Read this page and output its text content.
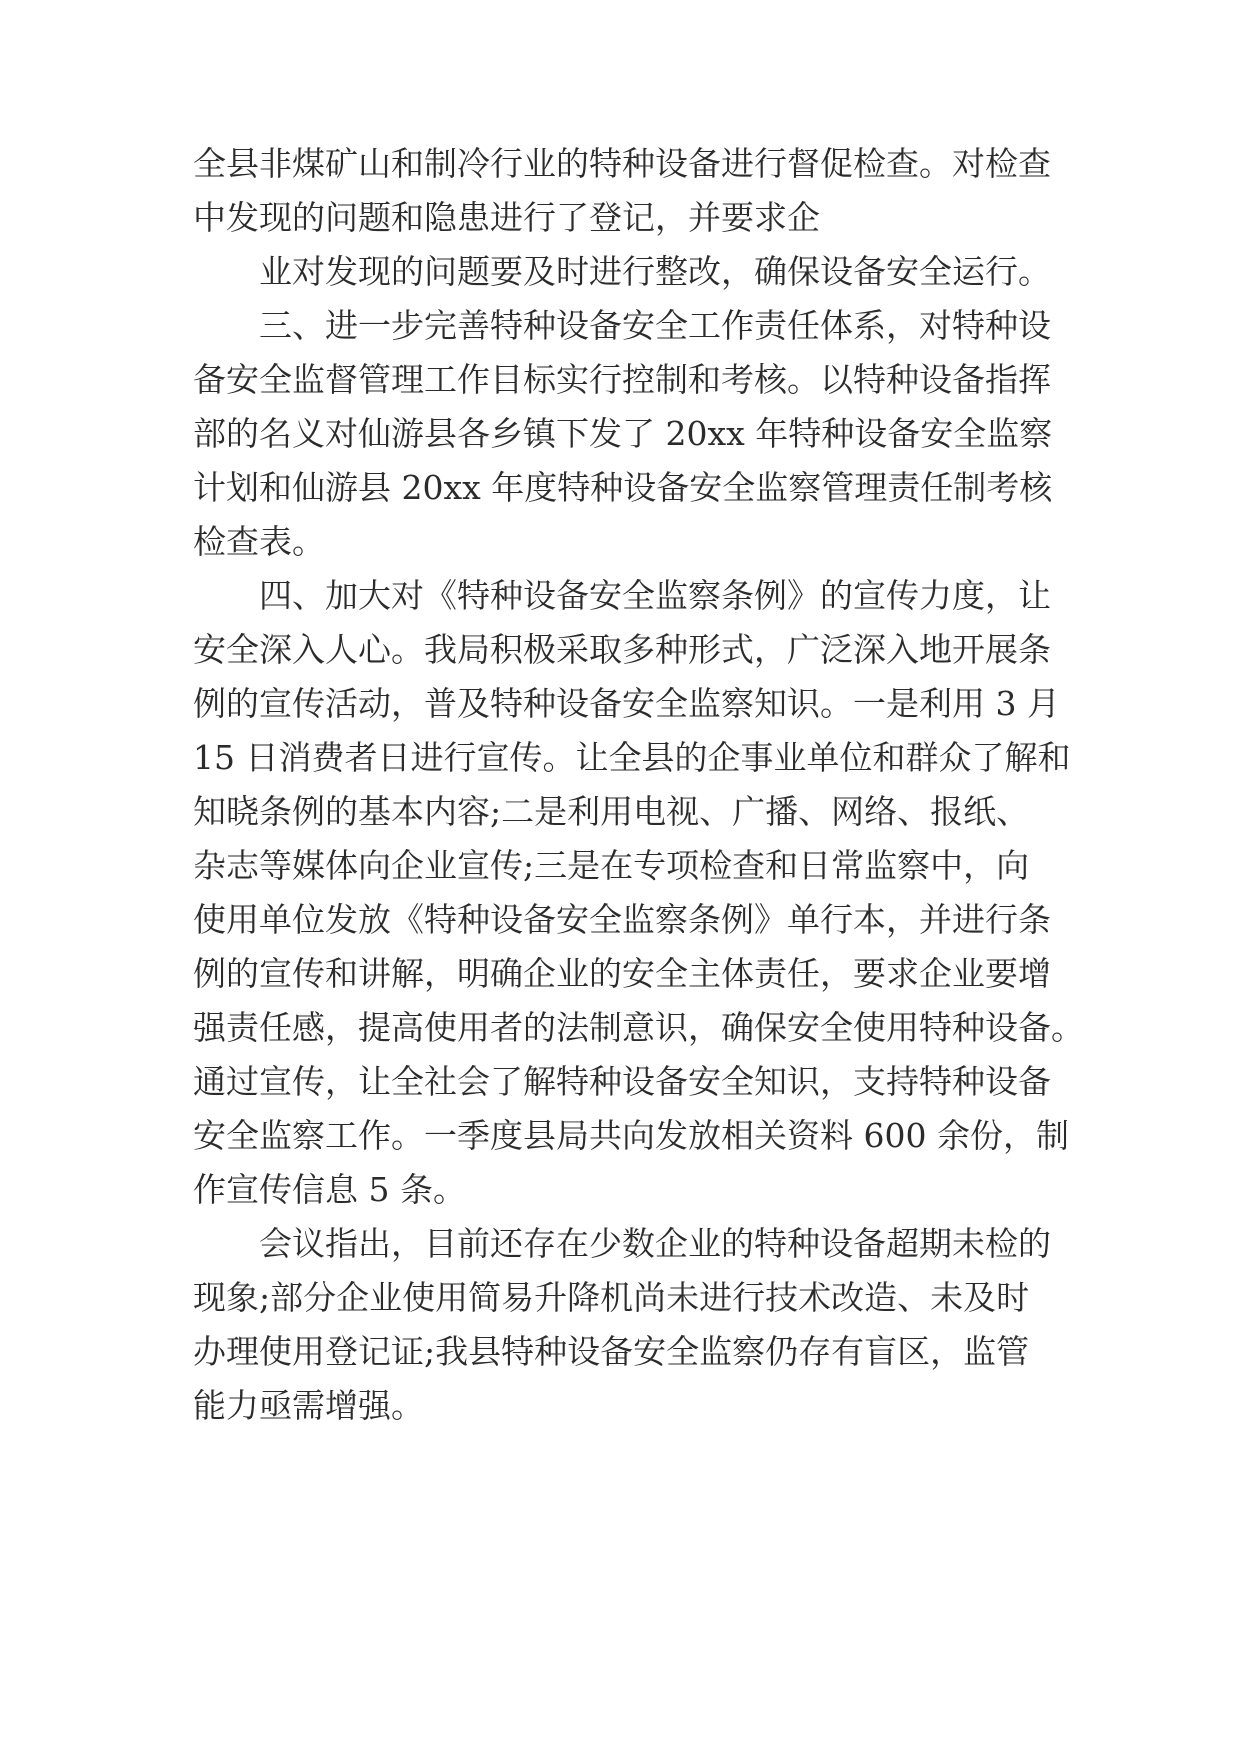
全县非煤矿山和制冷行业的特种设备进行督促检查。对检查
中发现的问题和隐患进行了登记，并要求企
业对发现的问题要及时进行整改，确保设备安全运行。
三、进一步完善特种设备安全工作责任体系，对特种设
备安全监督管理工作目标实行控制和考核。以特种设备指挥
部的名义对仙游县各乡镇下发了 20xx 年特种设备安全监察
计划和仙游县 20xx 年度特种设备安全监察管理责任制考核
检查表。
四、加大对《特种设备安全监察条例》的宣传力度，让
安全深入人心。我局积极采取多种形式，广泛深入地开展条
例的宣传活动，普及特种设备安全监察知识。一是利用 3 月
15 日消费者日进行宣传。让全县的企事业单位和群众了解和
知晓条例的基本内容;二是利用电视、广播、网络、报纸、
杂志等媒体向企业宣传;三是在专项检查和日常监察中，向
使用单位发放《特种设备安全监察条例》单行本，并进行条
例的宣传和讲解，明确企业的安全主体责任，要求企业要增
强责任感，提高使用者的法制意识，确保安全使用特种设备。
通过宣传，让全社会了解特种设备安全知识，支持特种设备
安全监察工作。一季度县局共向发放相关资料 600 余份，制
作宣传信息 5 条。
会议指出，目前还存在少数企业的特种设备超期未检的
现象;部分企业使用简易升降机尚未进行技术改造、未及时
办理使用登记证;我县特种设备安全监察仍存有盲区，监管
能力亟需增强。
